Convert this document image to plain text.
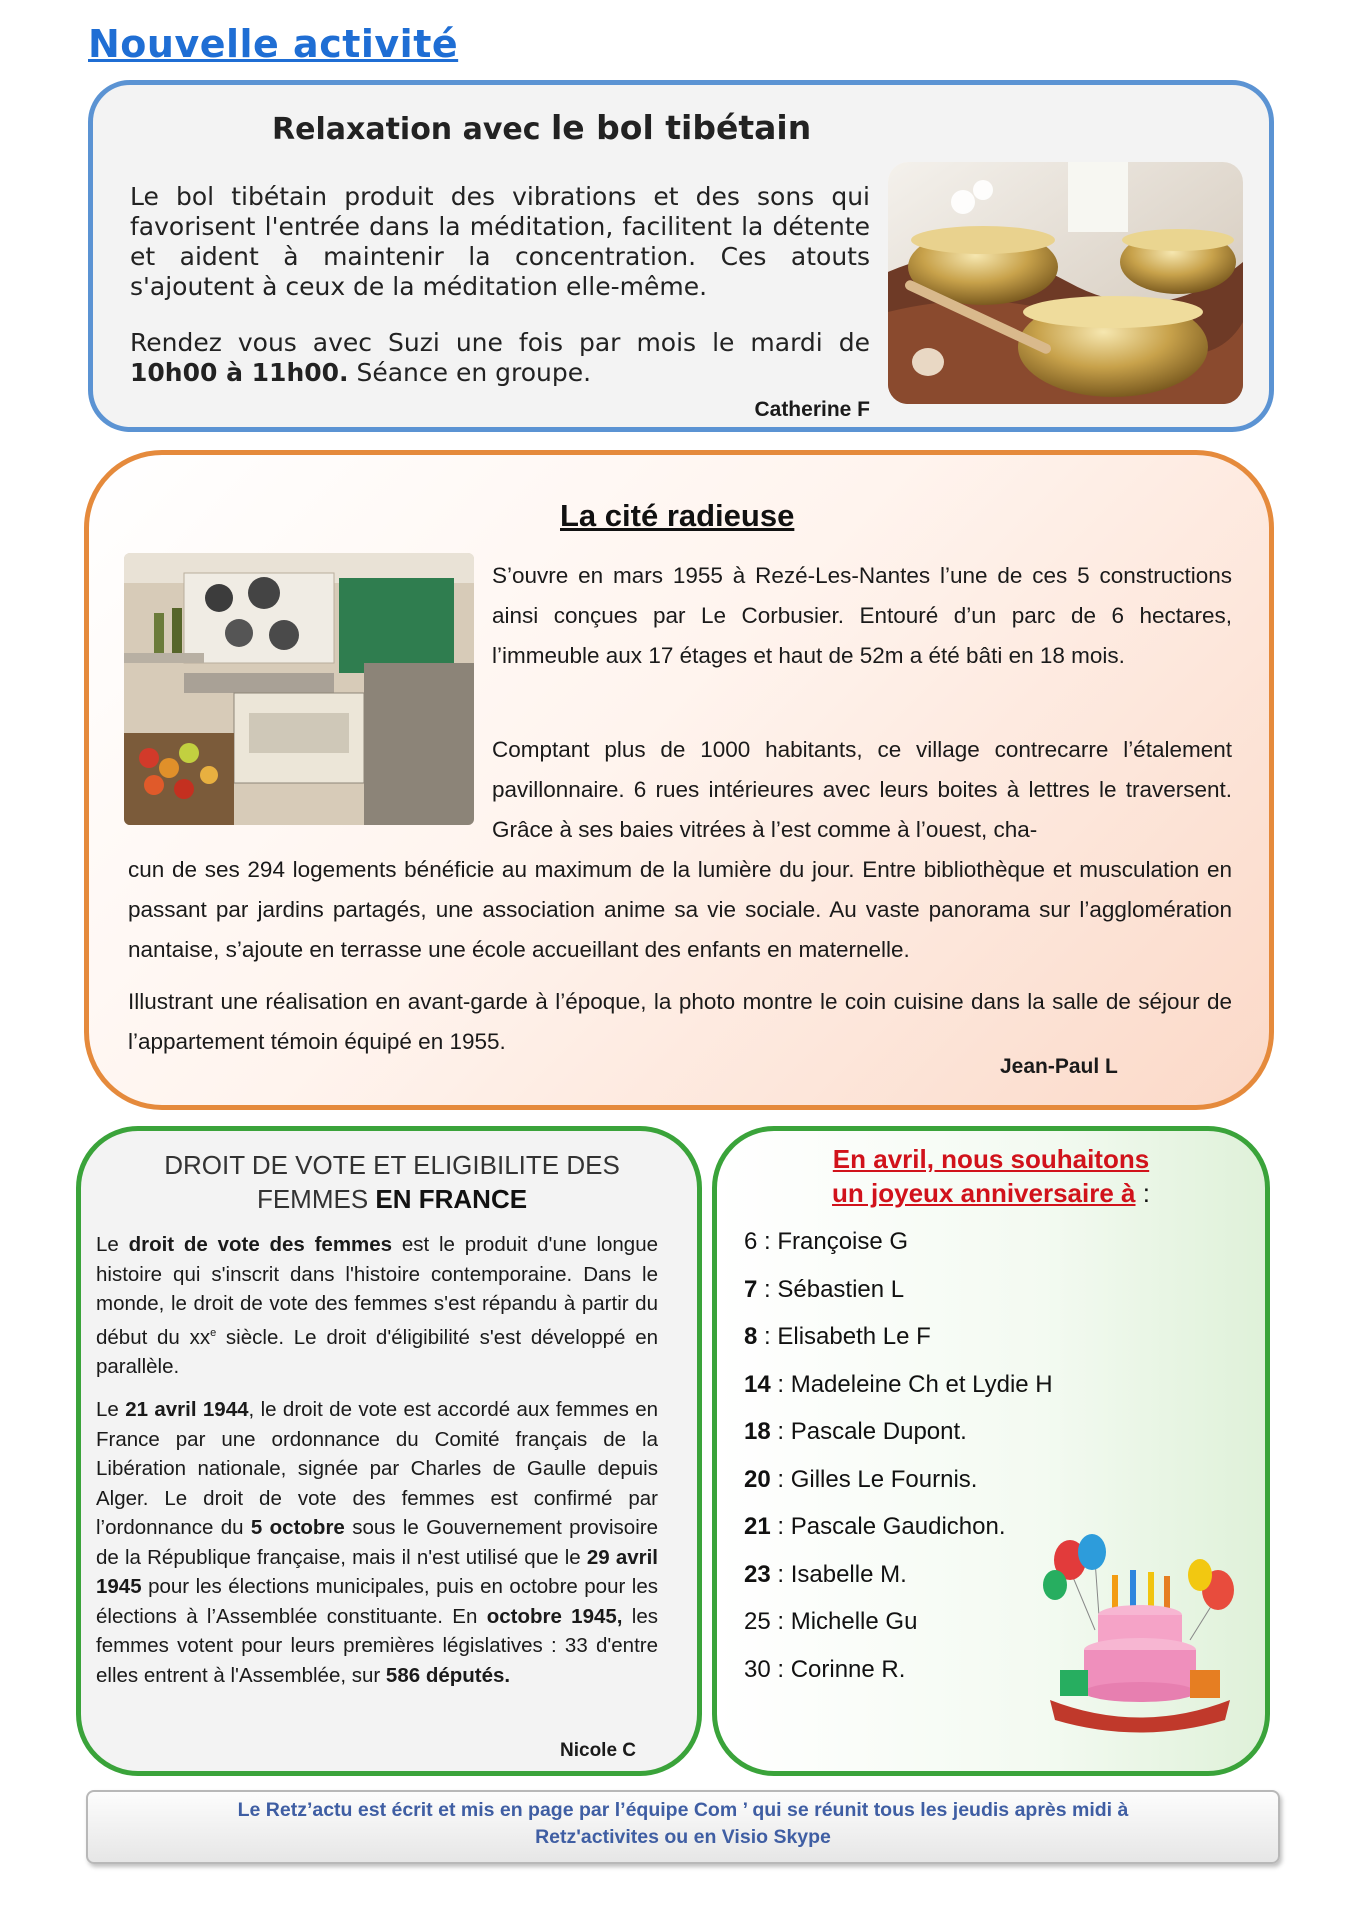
Nouvelle activité
Relaxation avec le bol tibétain
Le bol tibétain produit des vibrations et des sons qui favorisent l'entrée dans la méditation, facilitent la détente et aident à maintenir la concentration. Ces atouts s'ajoutent à ceux de la méditation elle-même.
Rendez vous avec Suzi une fois par mois le mardi de 10h00 à 11h00. Séance en groupe.
Catherine F
La cité radieuse
S’ouvre en mars 1955 à Rezé-Les-Nantes l’une de ces 5 constructions ainsi conçues par Le Corbusier. Entouré d’un parc de 6 hectares, l’immeuble aux 17 étages et haut de 52m a été bâti en 18 mois.
Comptant plus de 1000 habitants, ce village contrecarre l’étalement pavillonnaire. 6 rues intérieures avec leurs boites à lettres le traversent. Grâce à ses baies vitrées à l’est comme à l’ouest, cha-
cun de ses 294 logements bénéficie au maximum de la lumière du jour. Entre bibliothèque et musculation en passant par jardins partagés, une association anime sa vie sociale. Au vaste panorama sur l’agglomération nantaise, s’ajoute en terrasse une école accueillant des enfants en maternelle.
Illustrant une réalisation en avant-garde à l’époque, la photo montre le coin cuisine dans la salle de séjour de l’appartement témoin équipé en 1955.
Jean-Paul L
DROIT DE VOTE ET ELIGIBILITE DES
FEMMES EN FRANCE
Le droit de vote des femmes est le produit d'une longue histoire qui s'inscrit dans l'histoire contemporaine. Dans le monde, le droit de vote des femmes s'est répandu à partir du début du $xx^e$ siècle. Le droit d'éligibilité s'est développé en parallèle.
Le 21 avril 1944, le droit de vote est accordé aux femmes en France par une ordonnance du Comité français de la Libération nationale, signée par Charles de Gaulle depuis Alger. Le droit de vote des femmes est confirmé par l’ordonnance du 5 octobre sous le Gouvernement provisoire de la République française, mais il n'est utilisé que le 29 avril 1945 pour les élections municipales, puis en octobre pour les élections à l’Assemblée constituante. En octobre 1945, les femmes votent pour leurs premières législatives : 33 d'entre elles entrent à l'Assemblée, sur 586 députés.
Nicole C
En avril, nous souhaitons
un joyeux anniversaire à :
6 : Françoise G
7 : Sébastien L
8 : Elisabeth Le F
14 : Madeleine Ch et Lydie H
18 : Pascale Dupont.
20 : Gilles Le Fournis.
21 : Pascale Gaudichon.
23 : Isabelle M.
25 : Michelle Gu
30 : Corinne R.
Le Retz’actu est écrit et mis en page par l’équipe Com ’ qui se réunit tous les jeudis après midi à
Retz'activites ou en Visio Skype
